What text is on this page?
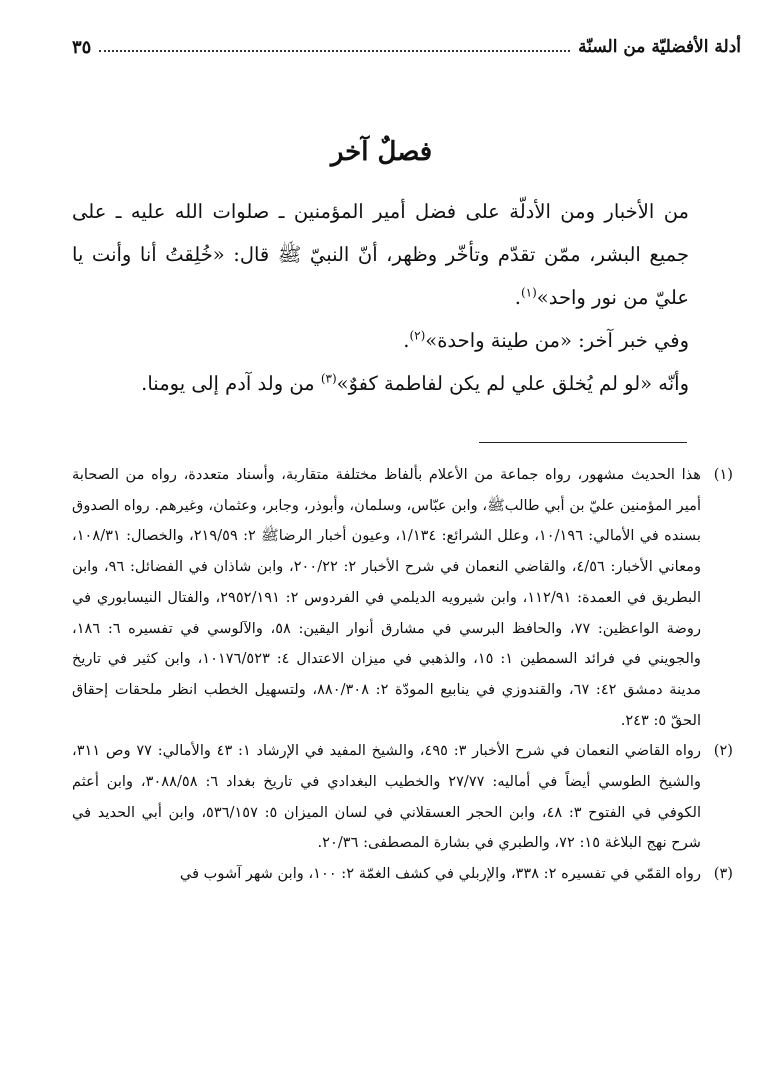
أدلة الأفضليّة من السنّة
٣٥
فصلٌ آخر

من الأخبار ومن الأدلّة على فضل أمير المؤمنين ـ صلوات الله عليه ـ على جميع البشر، ممّن تقدّم وتأخّر وظهر، أنّ النبيّ ﷺ قال: «خُلِقتُ أنا وأنت يا عليّ من نور واحد»$^{(١)}$.

وفي خبر آخر: «من طينة واحدة»$^{(٢)}$.

وأنّه «لو لم يُخلق علي لم يكن لفاطمة كفوٌ»$^{(٣)}$ من ولد آدم إلى يومنا.

(١)
هذا الحديث مشهور، رواه جماعة من الأعلام بألفاظ مختلفة متقاربة، وأسناد متعددة، رواه من الصحابة أمير المؤمنين عليّ بن أبي طالبﷺ، وابن عبّاس، وسلمان، وأبوذر، وجابر، وعثمان، وغيرهم. رواه الصدوق بسنده في الأمالي: ١٠/١٩٦، وعلل الشرائع: ١/١٣٤، وعيون أخبار الرضاﷺ ٢: ٢١٩/٥٩، والخصال: ١٠٨/٣١، ومعاني الأخبار: ٤/٥٦، والقاضي النعمان في شرح الأخبار ٢: ٢٠٠/٢٢، وابن شاذان في الفضائل: ٩٦، وابن البطريق في العمدة: ١١٢/٩١، وابن شيرويه الديلمي في الفردوس ٢: ٢٩٥٢/١٩١، والفتال النيسابوري في روضة الواعظين: ٧٧، والحافظ البرسي في مشارق أنوار اليقين: ٥٨، والآلوسي في تفسيره ٦: ١٨٦، والجويني في فرائد السمطين ١: ١٥، والذهبي في ميزان الاعتدال ٤: ١٠١٧٦/٥٢٣، وابن كثير في تاريخ مدينة دمشق ٤٢: ٦٧، والقندوزي في ينابيع المودّة ٢: ٨٨٠/٣٠٨، ولتسهيل الخطب انظر ملحقات إحقاق الحقّ ٥: ٢٤٣.
(٢)
رواه القاضي النعمان في شرح الأخبار ٣: ٤٩٥، والشيخ المفيد في الإرشاد ١: ٤٣ والأمالي: ٧٧ وص ٣١١، والشيخ الطوسي أيضاً في أماليه: ٢٧/٧٧ والخطيب البغدادي في تاريخ بغداد ٦: ٣٠٨٨/٥٨، وابن أعثم الكوفي في الفتوح ٣: ٤٨، وابن الحجر العسقلاني في لسان الميزان ٥: ٥٣٦/١٥٧، وابن أبي الحديد في شرح نهج البلاغة ١٥: ٧٢، والطبري في بشارة المصطفى: ٢٠/٣٦.
(٣)
رواه القمّي في تفسيره ٢: ٣٣٨، والإربلي في كشف الغمّة ٢: ١٠٠، وابن شهر آشوب في
